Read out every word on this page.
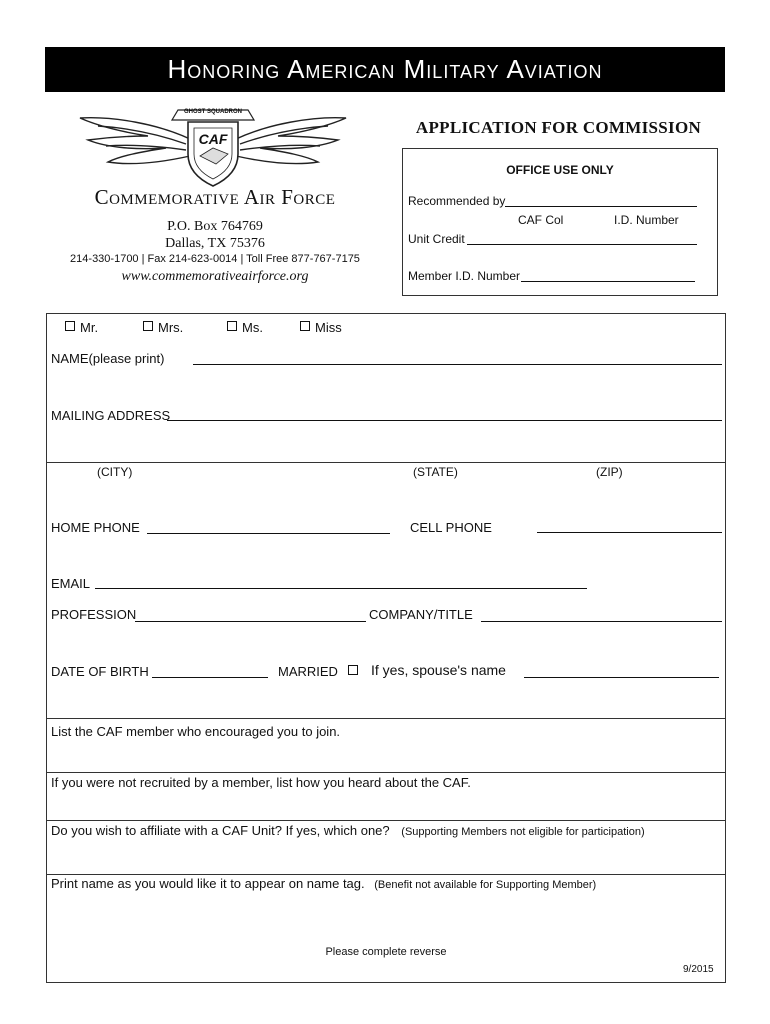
Honoring American Military Aviation
GHOST SQUADRON
CAF
Commemorative Air Force
P.O. Box 764769
Dallas, TX 75376
214-330-1700 | Fax 214-623-0014 | Toll Free 877-767-7175
www.commemorativeairforce.org
APPLICATION FOR COMMISSION
OFFICE USE ONLY
Recommended by
CAF Col	I.D. Number
Unit Credit
Member I.D. Number
Mr.	Mrs.	Ms.	Miss
NAME(please print)
MAILING ADDRESS
(CITY)	(STATE)	(ZIP)
HOME PHONE	CELL PHONE
EMAIL
PROFESSION	COMPANY/TITLE
DATE OF BIRTH	MARRIED	If yes, spouse's name
List the CAF member who encouraged you to join.
If you were not recruited by a member, list how you heard about the CAF.
Do you wish to affiliate with a CAF Unit? If yes, which one? (Supporting Members not eligible for participation)
Print name as you would like it to appear on name tag. (Benefit not available for Supporting Member)
Please complete reverse
9/2015
